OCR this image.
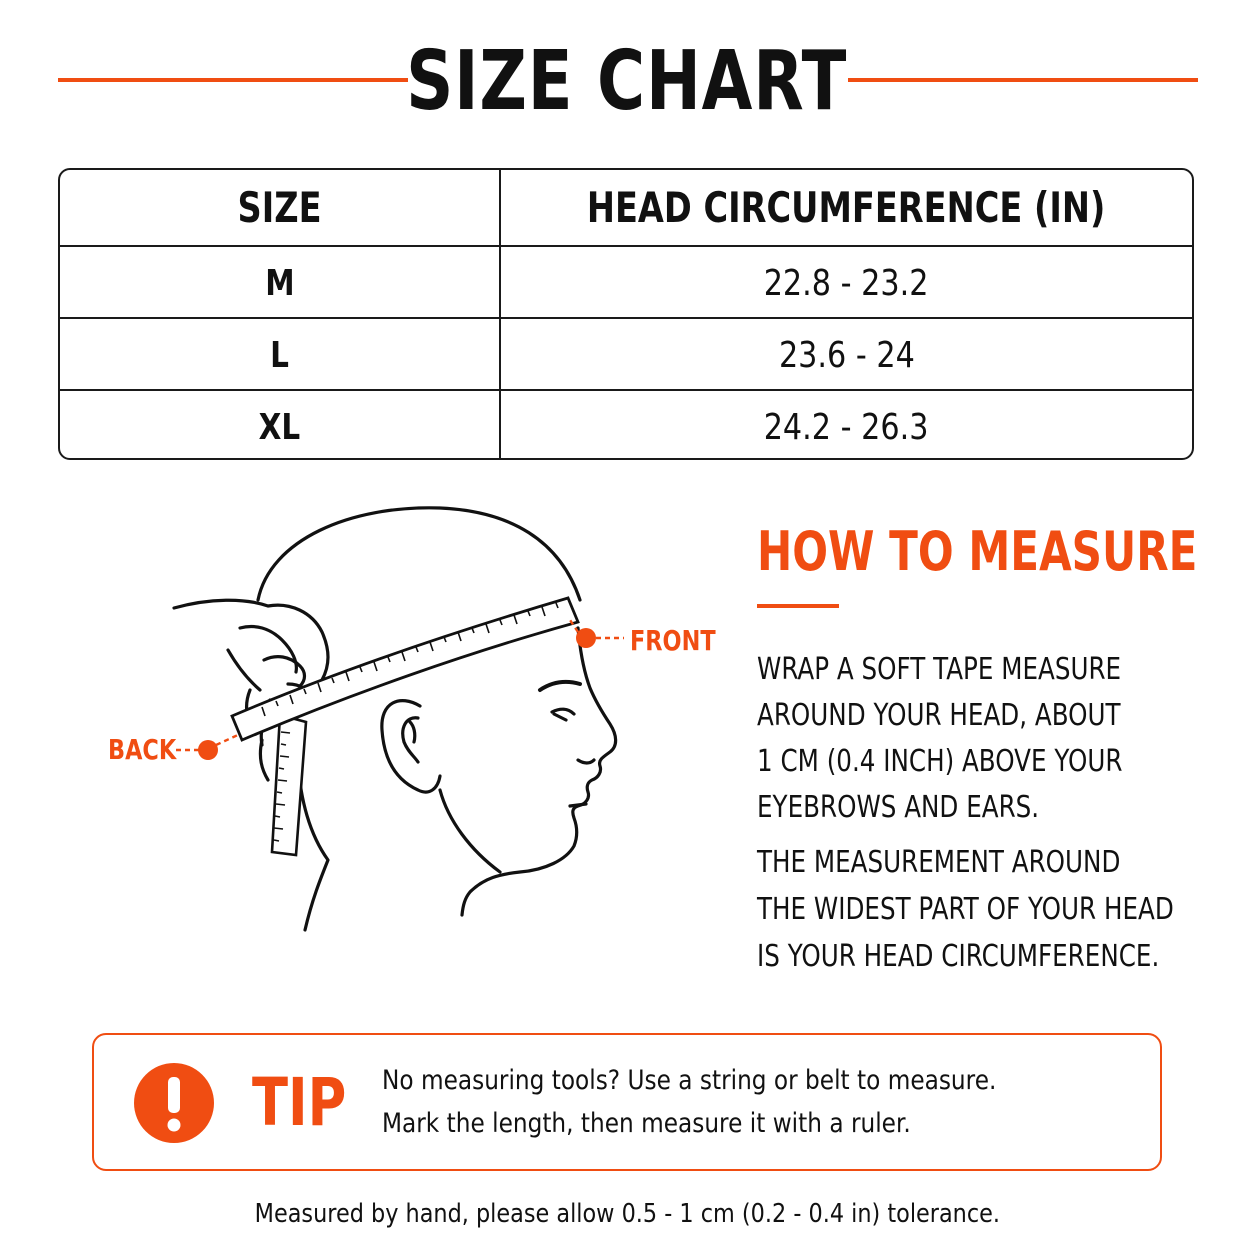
SIZE CHART
SIZE	HEAD CIRCUMFERENCE (IN)
M	22.8 - 23.2
L	23.6 - 24
XL	24.2 - 26.3
BACK
FRONT
HOW TO MEASURE
WRAP A SOFT TAPE MEASURE
AROUND YOUR HEAD, ABOUT
1 CM (0.4 INCH) ABOVE YOUR
EYEBROWS AND EARS.
THE MEASUREMENT AROUND
THE WIDEST PART OF YOUR HEAD
IS YOUR HEAD CIRCUMFERENCE.
TIP	No measuring tools? Use a string or belt to measure.
Mark the length, then measure it with a ruler.
Measured by hand, please allow 0.5 - 1 cm (0.2 - 0.4 in) tolerance.
